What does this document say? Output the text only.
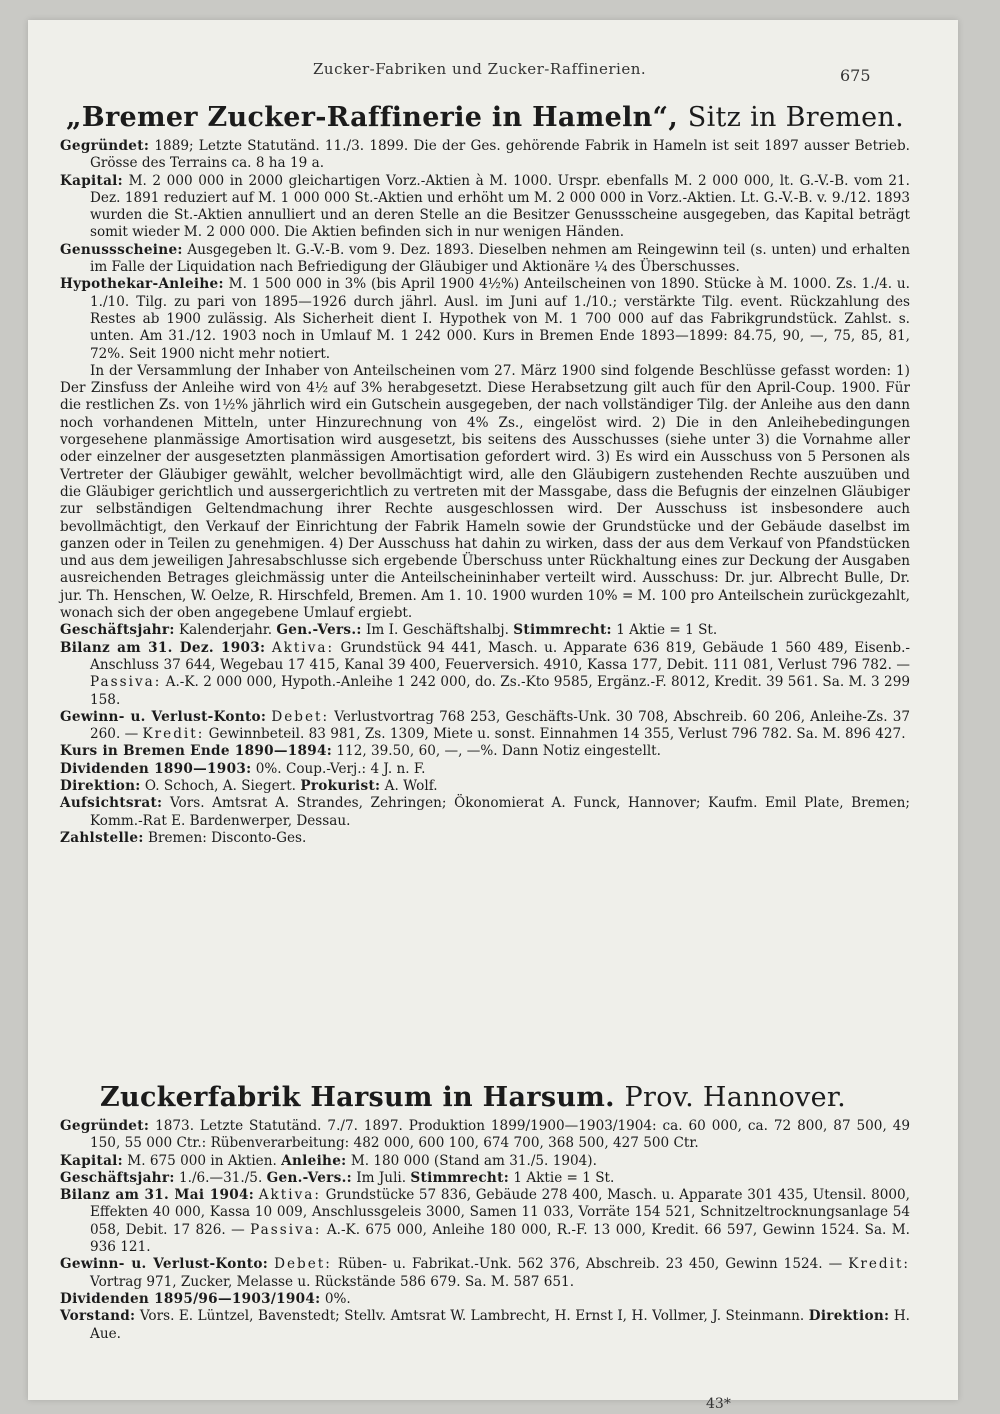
Zucker-Fabriken und Zucker-Raffinerien.	675
„Bremer Zucker-Raffinerie in Hameln“, Sitz in Bremen.

Gegründet: 1889; Letzte Statutänd. 11./3. 1899. Die der Ges. gehörende Fabrik in Hameln ist seit 1897 ausser Betrieb. Grösse des Terrains ca. 8 ha 19 a.

Kapital: M. 2 000 000 in 2000 gleichartigen Vorz.-Aktien à M. 1000. Urspr. ebenfalls M. 2 000 000, lt. G.-V.-B. vom 21. Dez. 1891 reduziert auf M. 1 000 000 St.-Aktien und erhöht um M. 2 000 000 in Vorz.-Aktien. Lt. G.-V.-B. v. 9./12. 1893 wurden die St.-Aktien annulliert und an deren Stelle an die Besitzer Genussscheine ausgegeben, das Kapital beträgt somit wieder M. 2 000 000. Die Aktien befinden sich in nur wenigen Händen.

Genussscheine: Ausgegeben lt. G.-V.-B. vom 9. Dez. 1893. Dieselben nehmen am Reingewinn teil (s. unten) und erhalten im Falle der Liquidation nach Befriedigung der Gläubiger und Aktionäre ¼ des Überschusses.

Hypothekar-Anleihe: M. 1 500 000 in 3% (bis April 1900 4½%) Anteilscheinen von 1890. Stücke à M. 1000. Zs. 1./4. u. 1./10. Tilg. zu pari von 1895—1926 durch jährl. Ausl. im Juni auf 1./10.; verstärkte Tilg. event. Rückzahlung des Restes ab 1900 zulässig. Als Sicherheit dient I. Hypothek von M. 1 700 000 auf das Fabrikgrundstück. Zahlst. s. unten. Am 31./12. 1903 noch in Umlauf M. 1 242 000. Kurs in Bremen Ende 1893—1899: 84.75, 90, —, 75, 85, 81, 72%. Seit 1900 nicht mehr notiert.

In der Versammlung der Inhaber von Anteilscheinen vom 27. März 1900 sind folgende Beschlüsse gefasst worden: 1) Der Zinsfuss der Anleihe wird von 4½ auf 3% herabgesetzt. Diese Herabsetzung gilt auch für den April-Coup. 1900. Für die restlichen Zs. von 1½% jährlich wird ein Gutschein ausgegeben, der nach vollständiger Tilg. der Anleihe aus den dann noch vorhandenen Mitteln, unter Hinzurechnung von 4% Zs., eingelöst wird. 2) Die in den Anleihebedingungen vorgesehene planmässige Amortisation wird ausgesetzt, bis seitens des Ausschusses (siehe unter 3) die Vornahme aller oder einzelner der ausgesetzten planmässigen Amortisation gefordert wird. 3) Es wird ein Ausschuss von 5 Personen als Vertreter der Gläubiger gewählt, welcher bevollmächtigt wird, alle den Gläubigern zustehenden Rechte auszuüben und die Gläubiger gerichtlich und aussergerichtlich zu vertreten mit der Massgabe, dass die Befugnis der einzelnen Gläubiger zur selbständigen Geltendmachung ihrer Rechte ausgeschlossen wird. Der Ausschuss ist insbesondere auch bevollmächtigt, den Verkauf der Einrichtung der Fabrik Hameln sowie der Grundstücke und der Gebäude daselbst im ganzen oder in Teilen zu genehmigen. 4) Der Ausschuss hat dahin zu wirken, dass der aus dem Verkauf von Pfandstücken und aus dem jeweiligen Jahresabschlusse sich ergebende Überschuss unter Rückhaltung eines zur Deckung der Ausgaben ausreichenden Betrages gleichmässig unter die Anteilscheininhaber verteilt wird. Ausschuss: Dr. jur. Albrecht Bulle, Dr. jur. Th. Henschen, W. Oelze, R. Hirschfeld, Bremen. Am 1. 10. 1900 wurden 10% = M. 100 pro Anteilschein zurückgezahlt, wonach sich der oben angegebene Umlauf ergiebt.

Geschäftsjahr: Kalenderjahr. Gen.-Vers.: Im I. Geschäftshalbj. Stimmrecht: 1 Aktie = 1 St.

Bilanz am 31. Dez. 1903: Aktiva: Grundstück 94 441, Masch. u. Apparate 636 819, Gebäude 1 560 489, Eisenb.-Anschluss 37 644, Wegebau 17 415, Kanal 39 400, Feuerversich. 4910, Kassa 177, Debit. 111 081, Verlust 796 782. — Passiva: A.-K. 2 000 000, Hypoth.-Anleihe 1 242 000, do. Zs.-Kto 9585, Ergänz.-F. 8012, Kredit. 39 561. Sa. M. 3 299 158.

Gewinn- u. Verlust-Konto: Debet: Verlustvortrag 768 253, Geschäfts-Unk. 30 708, Abschreib. 60 206, Anleihe-Zs. 37 260. — Kredit: Gewinnbeteil. 83 981, Zs. 1309, Miete u. sonst. Einnahmen 14 355, Verlust 796 782. Sa. M. 896 427.

Kurs in Bremen Ende 1890—1894: 112, 39.50, 60, —, —%. Dann Notiz eingestellt.

Dividenden 1890—1903: 0%. Coup.-Verj.: 4 J. n. F.

Direktion: O. Schoch, A. Siegert. Prokurist: A. Wolf.

Aufsichtsrat: Vors. Amtsrat A. Strandes, Zehringen; Ökonomierat A. Funck, Hannover; Kaufm. Emil Plate, Bremen; Komm.-Rat E. Bardenwerper, Dessau.

Zahlstelle: Bremen: Disconto-Ges.

Zuckerfabrik Harsum in Harsum. Prov. Hannover.

Gegründet: 1873. Letzte Statutänd. 7./7. 1897. Produktion 1899/1900—1903/1904: ca. 60 000, ca. 72 800, 87 500, 49 150, 55 000 Ctr.: Rübenverarbeitung: 482 000, 600 100, 674 700, 368 500, 427 500 Ctr.

Kapital: M. 675 000 in Aktien. Anleihe: M. 180 000 (Stand am 31./5. 1904).

Geschäftsjahr: 1./6.—31./5. Gen.-Vers.: Im Juli. Stimmrecht: 1 Aktie = 1 St.

Bilanz am 31. Mai 1904: Aktiva: Grundstücke 57 836, Gebäude 278 400, Masch. u. Apparate 301 435, Utensil. 8000, Effekten 40 000, Kassa 10 009, Anschlussgeleis 3000, Samen 11 033, Vorräte 154 521, Schnitzeltrocknungsanlage 54 058, Debit. 17 826. — Passiva: A.-K. 675 000, Anleihe 180 000, R.-F. 13 000, Kredit. 66 597, Gewinn 1524. Sa. M. 936 121.

Gewinn- u. Verlust-Konto: Debet: Rüben- u. Fabrikat.-Unk. 562 376, Abschreib. 23 450, Gewinn 1524. — Kredit: Vortrag 971, Zucker, Melasse u. Rückstände 586 679. Sa. M. 587 651.

Dividenden 1895/96—1903/1904: 0%.

Vorstand: Vors. E. Lüntzel, Bavenstedt; Stellv. Amtsrat W. Lambrecht, H. Ernst I, H. Vollmer, J. Steinmann. Direktion: H. Aue.

43*
